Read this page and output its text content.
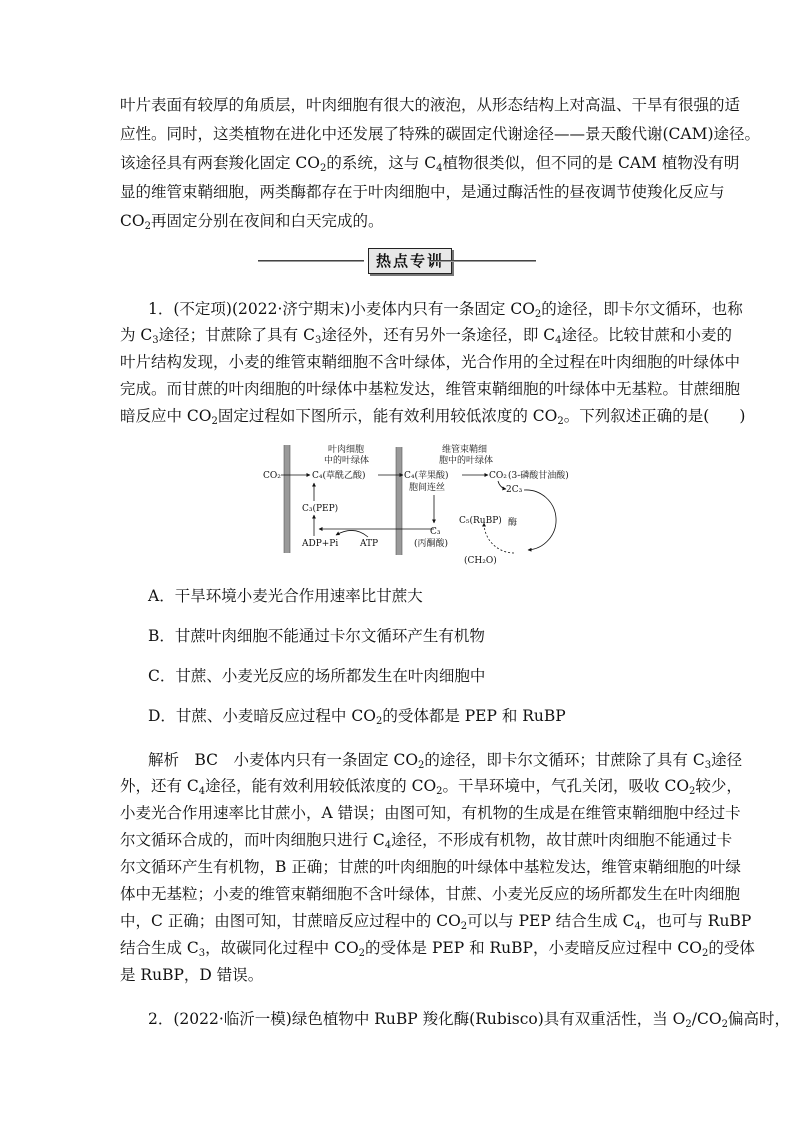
叶片表面有较厚的角质层，叶肉细胞有很大的液泡，从形态结构上对高温、干旱有很强的适
应性。同时，这类植物在进化中还发展了特殊的碳固定代谢途径——景天酸代谢(CAM)途径。
该途径具有两套羧化固定 $CO_2$的系统，这与 $C_4$植物很类似，但不同的是 CAM 植物没有明
显的维管束鞘细胞，两类酶都存在于叶肉细胞中，是通过酶活性的昼夜调节使羧化反应与
$CO_2$再固定分别在夜间和白天完成的。
热点专训
1．(不定项)(2022·济宁期末)小麦体内只有一条固定 $CO_2$的途径，即卡尔文循环，也称
为 $C_3$途径；甘蔗除了具有 $C_3$途径外，还有另外一条途径，即 $C_4$途径。比较甘蔗和小麦的
叶片结构发现，小麦的维管束鞘细胞不含叶绿体，光合作用的全过程在叶肉细胞的叶绿体中
完成。而甘蔗的叶肉细胞的叶绿体中基粒发达，维管束鞘细胞的叶绿体中无基粒。甘蔗细胞
暗反应中 $CO_2$固定过程如下图所示，能有效利用较低浓度的 $CO_2$。下列叙述正确的是( )
叶肉细胞
中的叶绿体
维管束鞘细
胞中的叶绿体
CO₂	C₄(草酰乙酸)	C₄(苹果酸)
胞间连丝
CO₂ (3-磷酸甘油酸)
2C₃
C₅(RuBP) 酶
(CH₂O)
C₃(PEP)
ADP+Pi ATP
C₃
(丙酮酸)
A．干旱环境小麦光合作用速率比甘蔗大
B．甘蔗叶肉细胞不能通过卡尔文循环产生有机物
C．甘蔗、小麦光反应的场所都发生在叶肉细胞中
D．甘蔗、小麦暗反应过程中 $CO_2$的受体都是 PEP 和 RuBP
解析　BC　小麦体内只有一条固定 $CO_2$的途径，即卡尔文循环；甘蔗除了具有 $C_3$途径
外，还有 $C_4$途径，能有效利用较低浓度的 $CO_2$。干旱环境中，气孔关闭，吸收 $CO_2$较少，
小麦光合作用速率比甘蔗小，A 错误；由图可知，有机物的生成是在维管束鞘细胞中经过卡
尔文循环合成的，而叶肉细胞只进行 $C_4$途径，不形成有机物，故甘蔗叶肉细胞不能通过卡
尔文循环产生有机物，B 正确；甘蔗的叶肉细胞的叶绿体中基粒发达，维管束鞘细胞的叶绿
体中无基粒；小麦的维管束鞘细胞不含叶绿体，甘蔗、小麦光反应的场所都发生在叶肉细胞
中，C 正确；由图可知，甘蔗暗反应过程中的 $CO_2$可以与 PEP 结合生成 $C_4$，也可与 RuBP
结合生成 $C_3$，故碳同化过程中 $CO_2$的受体是 PEP 和 RuBP，小麦暗反应过程中 $CO_2$的受体
是 RuBP，D 错误。
2．(2022·临沂一模)绿色植物中 RuBP 羧化酶(Rubisco)具有双重活性，当 $O_2/CO_2$偏高时，
